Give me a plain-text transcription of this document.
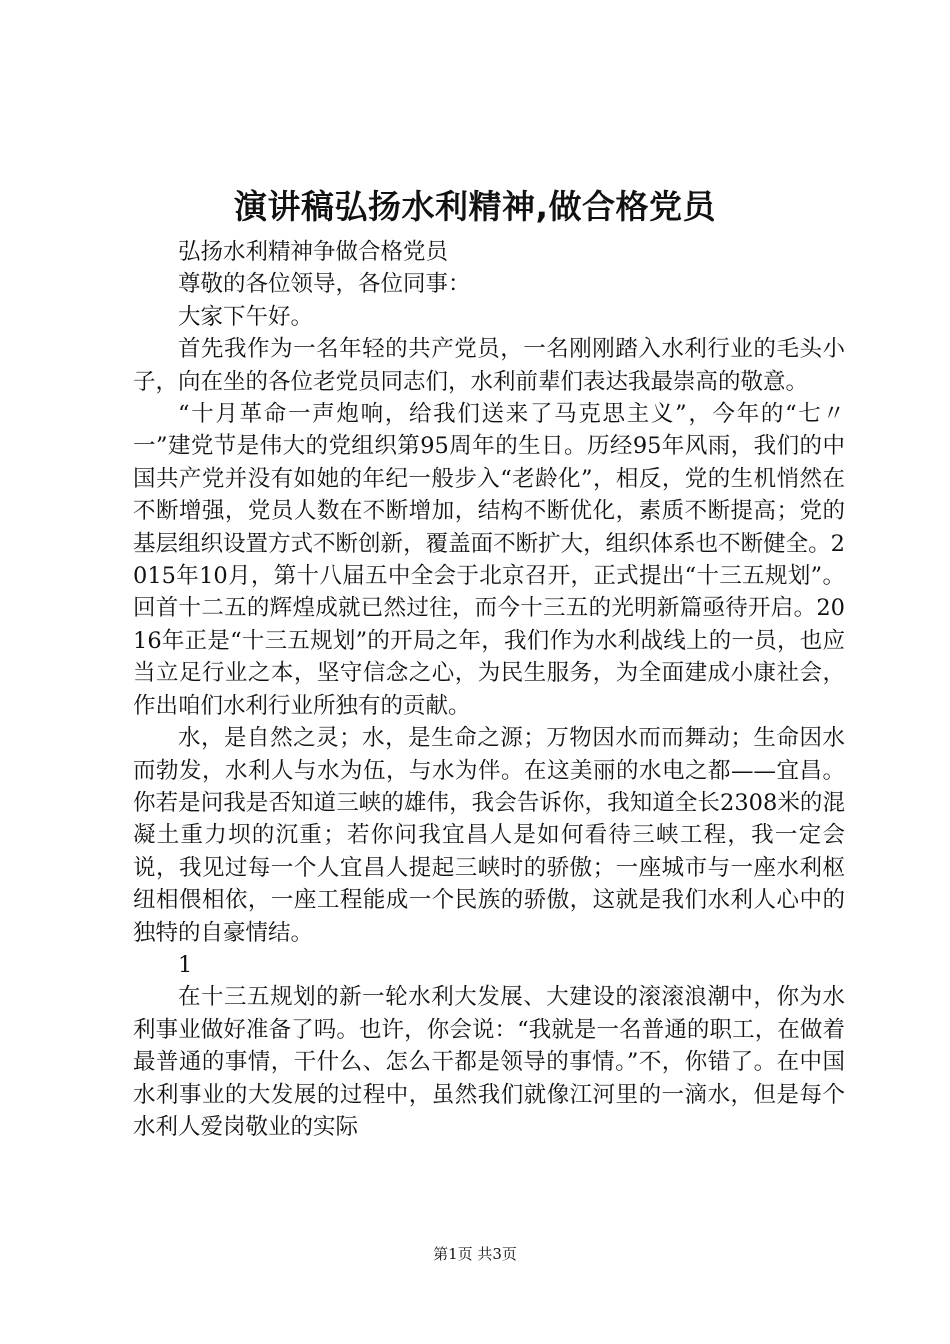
演讲稿弘扬水利精神,做合格党员

弘扬水利精神争做合格党员

尊敬的各位领导，各位同事：

大家下午好。

首先我作为一名年轻的共产党员，一名刚刚踏入水利行业的毛头小子，向在坐的各位老党员同志们，水利前辈们表达我最崇高的敬意。

“十月革命一声炮响，给我们送来了马克思主义”，今年的“七〃一”建党节是伟大的党组织第95周年的生日。历经95年风雨，我们的中国共产党并没有如她的年纪一般步入“老龄化”，相反，党的生机悄然在不断增强，党员人数在不断增加，结构不断优化，素质不断提高；党的基层组织设置方式不断创新，覆盖面不断扩大，组织体系也不断健全。2015年10月，第十八届五中全会于北京召开，正式提出“十三五规划”。回首十二五的辉煌成就已然过往，而今十三五的光明新篇亟待开启。2016年正是“十三五规划”的开局之年，我们作为水利战线上的一员，也应当立足行业之本，坚守信念之心，为民生服务，为全面建成小康社会，作出咱们水利行业所独有的贡献。

水，是自然之灵；水，是生命之源；万物因水而而舞动；生命因水而勃发，水利人与水为伍，与水为伴。在这美丽的水电之都——宜昌。你若是问我是否知道三峡的雄伟，我会告诉你，我知道全长2308米的混凝土重力坝的沉重；若你问我宜昌人是如何看待三峡工程，我一定会说，我见过每一个人宜昌人提起三峡时的骄傲；一座城市与一座水利枢纽相偎相依，一座工程能成一个民族的骄傲，这就是我们水利人心中的独特的自豪情结。

1

在十三五规划的新一轮水利大发展、大建设的滚滚浪潮中，你为水利事业做好准备了吗。也许，你会说：“我就是一名普通的职工，在做着最普通的事情，干什么、怎么干都是领导的事情。”不，你错了。在中国水利事业的大发展的过程中，虽然我们就像江河里的一滴水，但是每个水利人爱岗敬业的实际

第1页 共3页
